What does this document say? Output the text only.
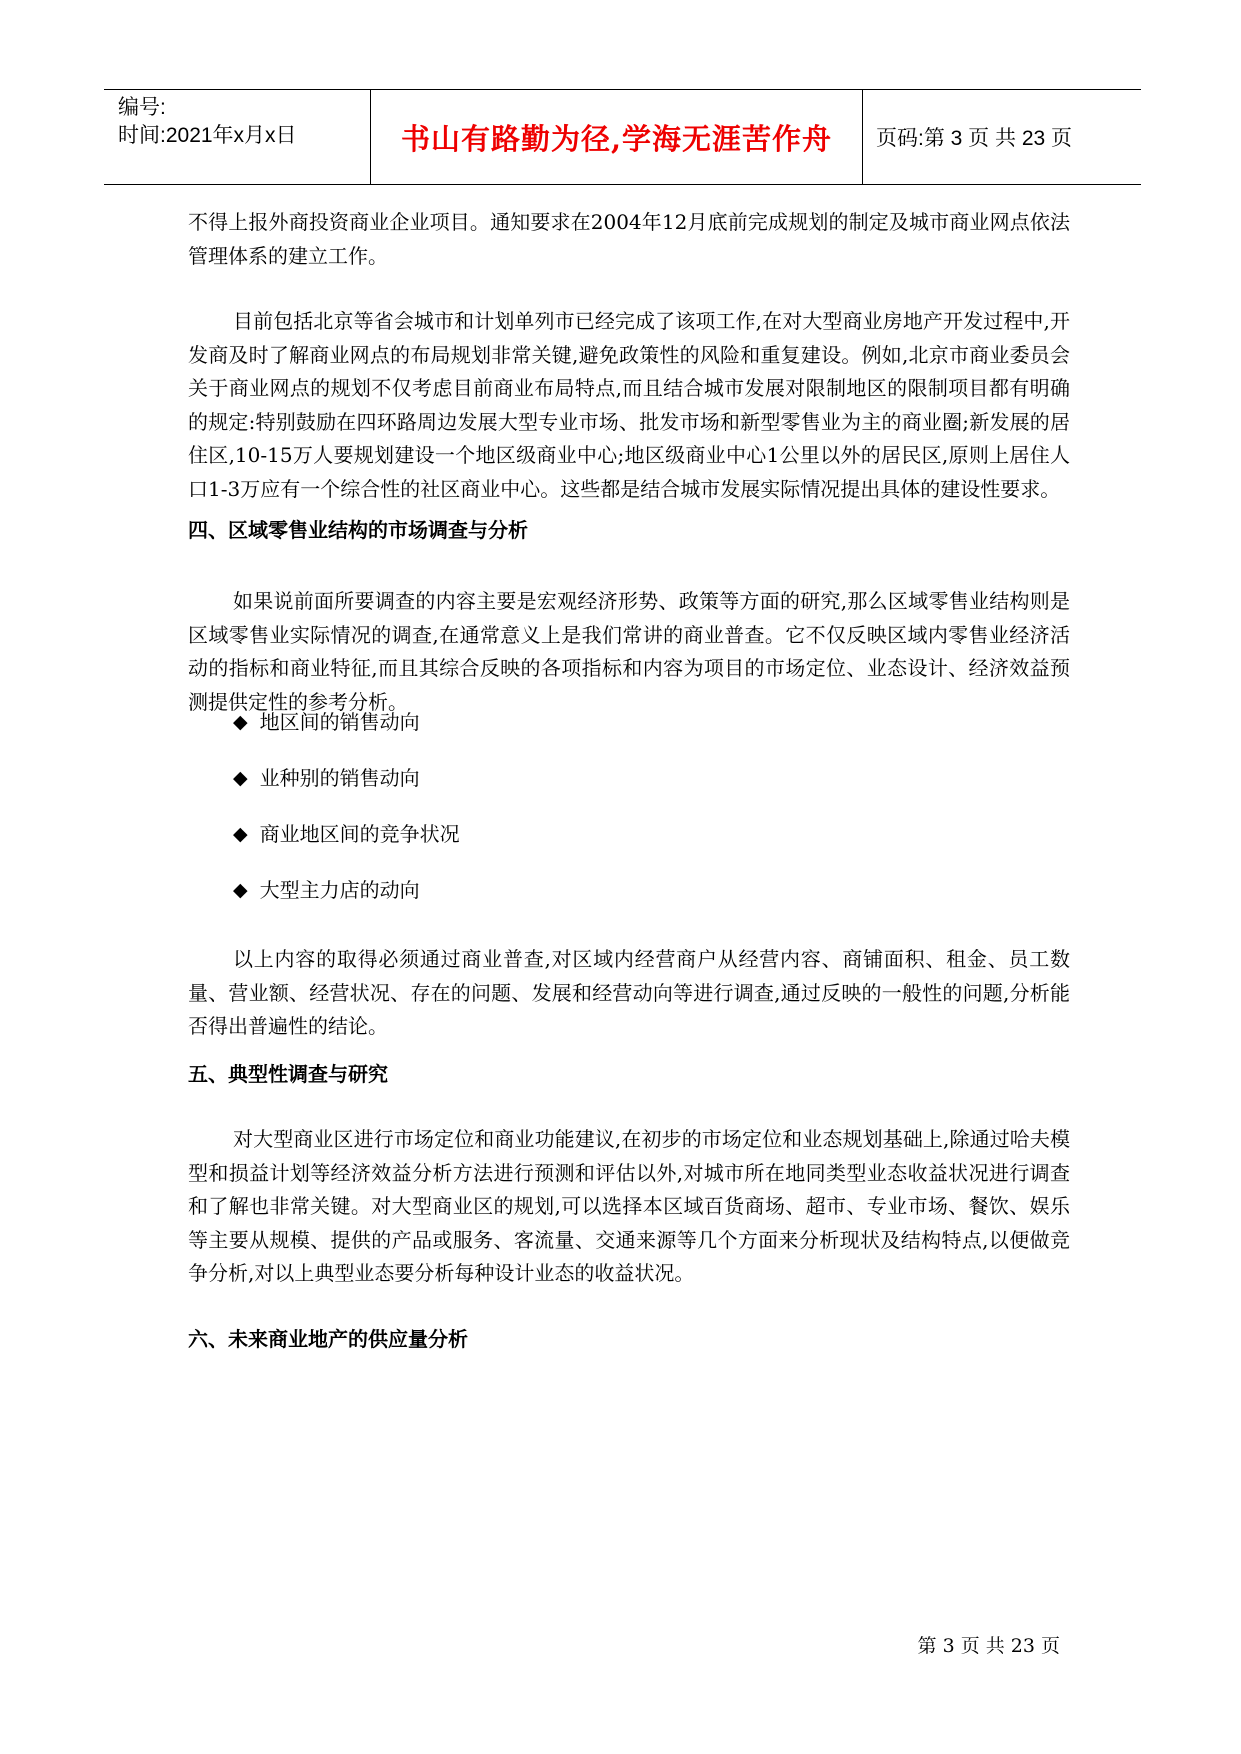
编号:
时间:2021年x月x日	书山有路勤为径,学海无涯苦作舟	页码:第 3 页 共 23 页

不得上报外商投资商业企业项目。通知要求在2004年12月底前完成规划的制定及城市商业网点依法管理体系的建立工作。

目前包括北京等省会城市和计划单列市已经完成了该项工作,在对大型商业房地产开发过程中,开发商及时了解商业网点的布局规划非常关键,避免政策性的风险和重复建设。例如,北京市商业委员会关于商业网点的规划不仅考虑目前商业布局特点,而且结合城市发展对限制地区的限制项目都有明确的规定:特别鼓励在四环路周边发展大型专业市场、批发市场和新型零售业为主的商业圈;新发展的居住区,10-15万人要规划建设一个地区级商业中心;地区级商业中心1公里以外的居民区,原则上居住人口1-3万应有一个综合性的社区商业中心。这些都是结合城市发展实际情况提出具体的建设性要求。

四、区域零售业结构的市场调查与分析

如果说前面所要调查的内容主要是宏观经济形势、政策等方面的研究,那么区域零售业结构则是区域零售业实际情况的调查,在通常意义上是我们常讲的商业普查。它不仅反映区域内零售业经济活动的指标和商业特征,而且其综合反映的各项指标和内容为项目的市场定位、业态设计、经济效益预测提供定性的参考分析。

◆ 地区间的销售动向
◆ 业种别的销售动向
◆ 商业地区间的竞争状况
◆ 大型主力店的动向

以上内容的取得必须通过商业普查,对区域内经营商户从经营内容、商铺面积、租金、员工数量、营业额、经营状况、存在的问题、发展和经营动向等进行调查,通过反映的一般性的问题,分析能否得出普遍性的结论。

五、典型性调查与研究

对大型商业区进行市场定位和商业功能建议,在初步的市场定位和业态规划基础上,除通过哈夫模型和损益计划等经济效益分析方法进行预测和评估以外,对城市所在地同类型业态收益状况进行调查和了解也非常关键。对大型商业区的规划,可以选择本区域百货商场、超市、专业市场、餐饮、娱乐等主要从规模、提供的产品或服务、客流量、交通来源等几个方面来分析现状及结构特点,以便做竞争分析,对以上典型业态要分析每种设计业态的收益状况。

六、未来商业地产的供应量分析
第 3 页 共 23 页
